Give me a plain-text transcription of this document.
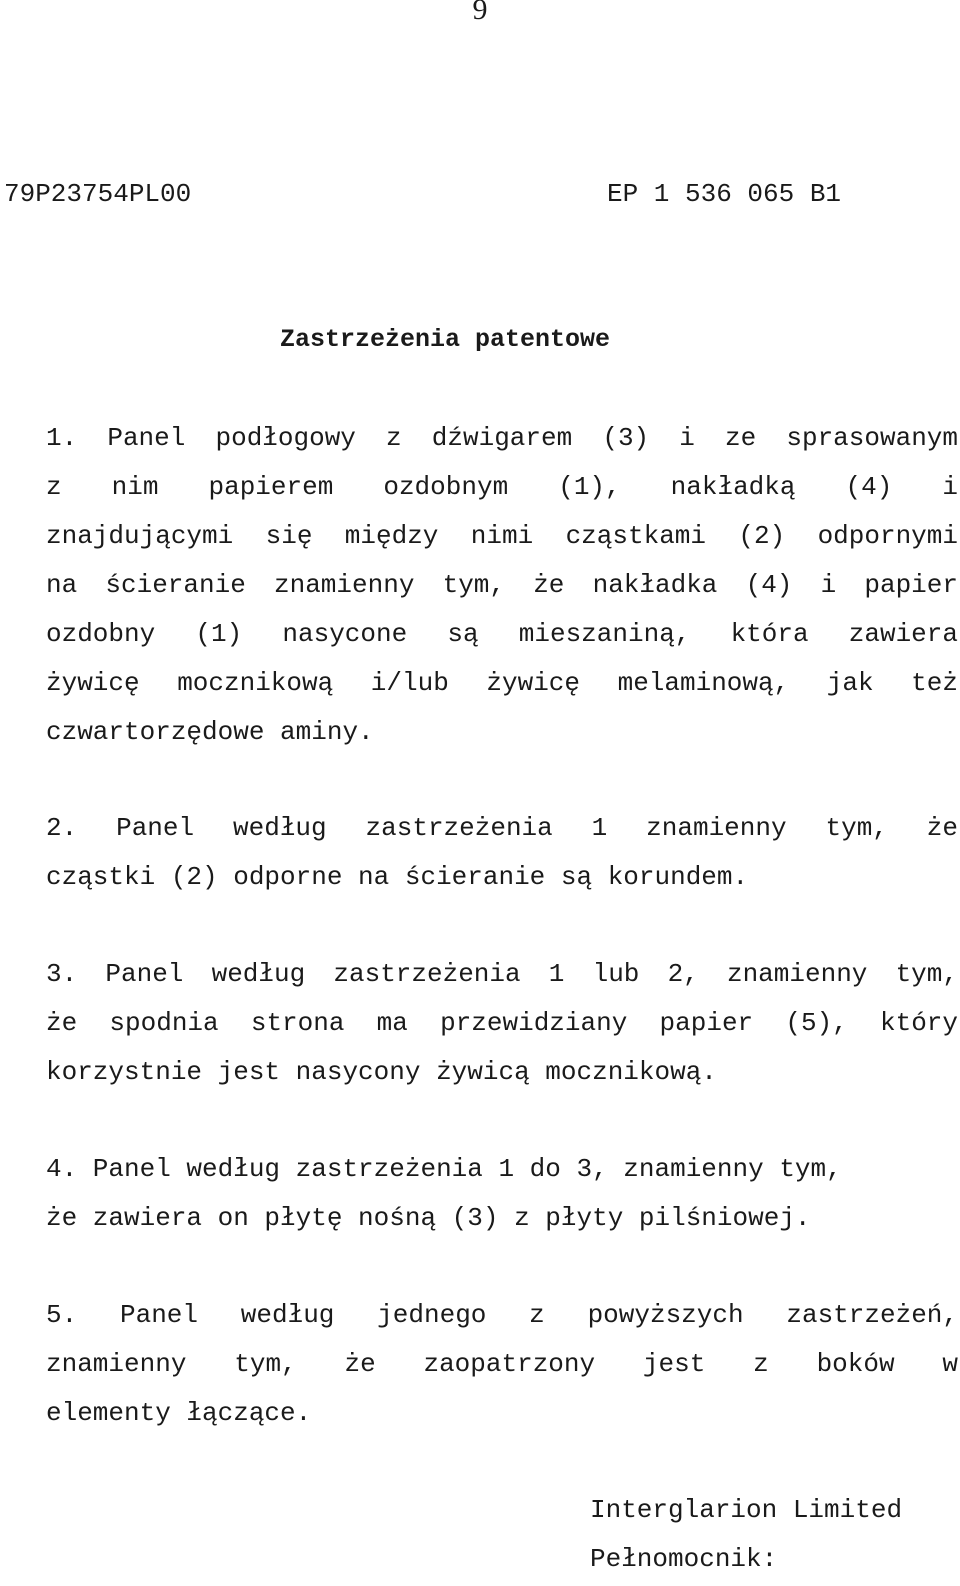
9
79P23754PL00	EP 1 536 065 B1
Zastrzeżenia patentowe
1. Panel podłogowy z dźwigarem (3) i ze sprasowanym
z nim papierem ozdobnym (1), nakładką (4) i
znajdującymi się między nimi cząstkami (2) odpornymi
na ścieranie znamienny tym, że nakładka (4) i papier
ozdobny (1) nasycone są mieszaniną, która zawiera
żywicę mocznikową i/lub żywicę melaminową, jak też
czwartorzędowe aminy.
2. Panel według zastrzeżenia 1 znamienny tym, że
cząstki (2) odporne na ścieranie są korundem.
3. Panel według zastrzeżenia 1 lub 2, znamienny tym,
że spodnia strona ma przewidziany papier (5), który
korzystnie jest nasycony żywicą mocznikową.
4. Panel według zastrzeżenia 1 do 3, znamienny tym,
że zawiera on płytę nośną (3) z płyty pilśniowej.
5. Panel według jednego z powyższych zastrzeżeń,
znamienny tym, że zaopatrzony jest z boków w
elementy łączące.
Interglarion Limited
Pełnomocnik:
